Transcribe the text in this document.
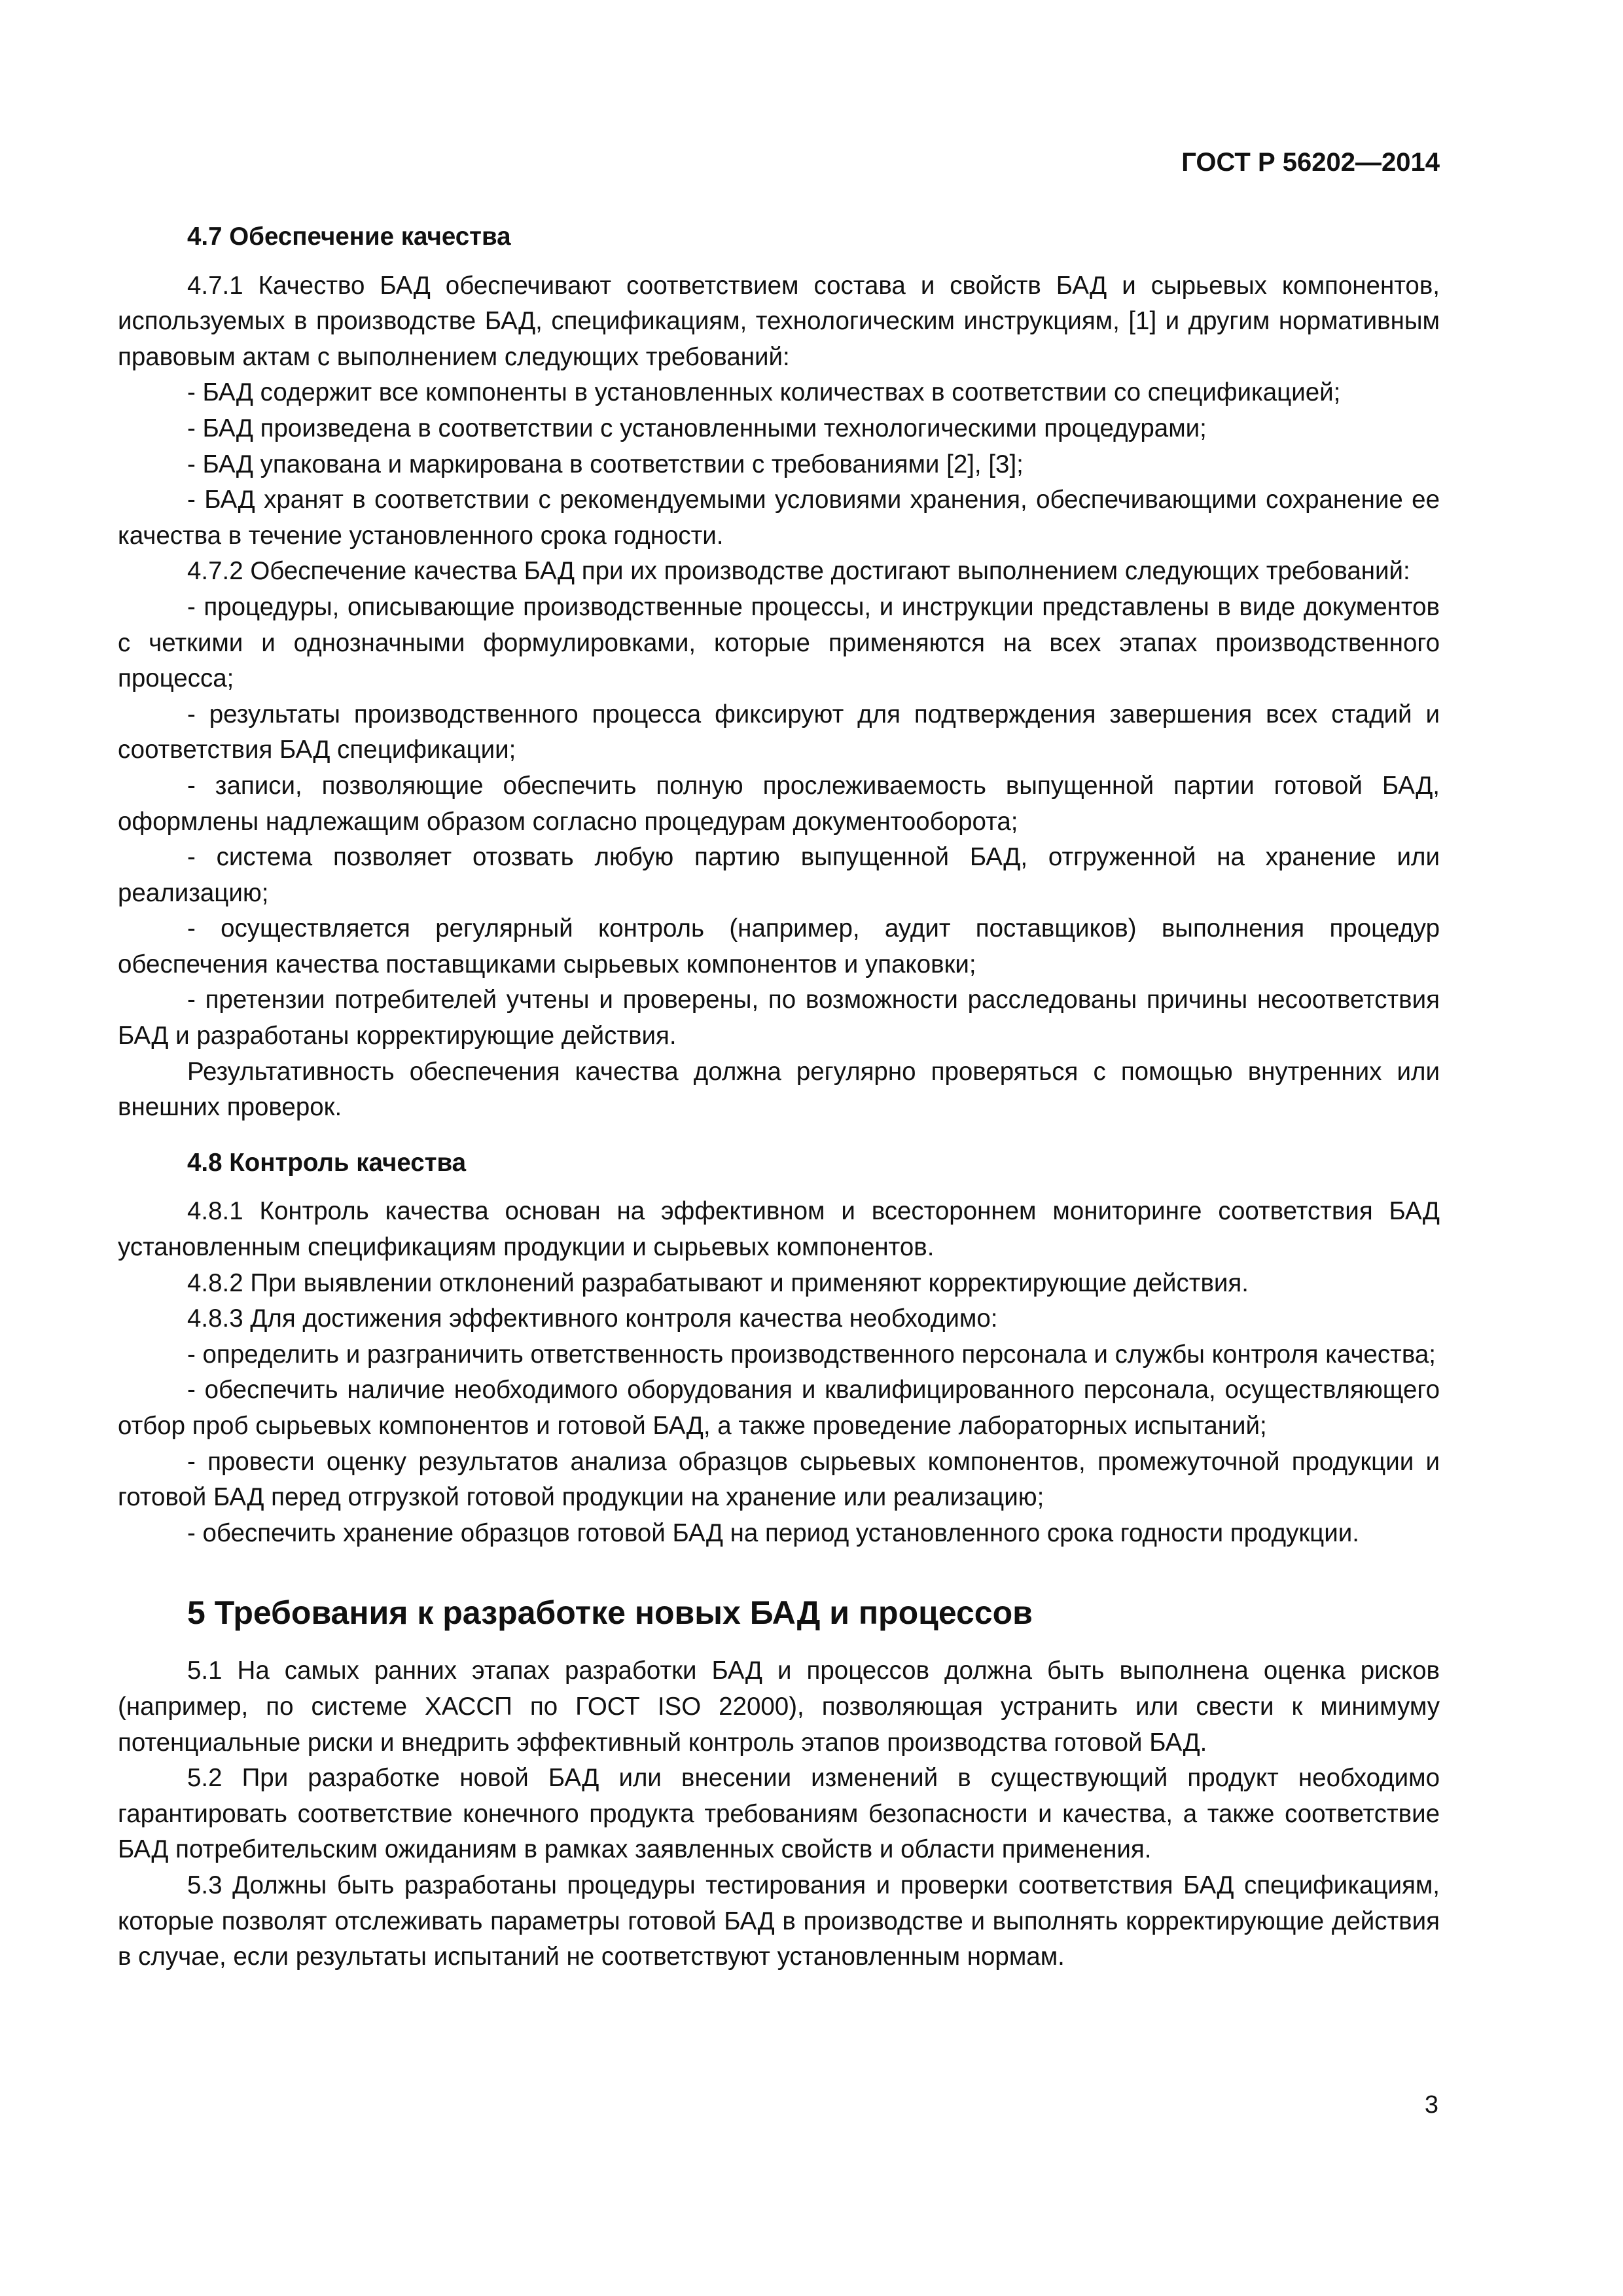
ГОСТ Р 56202—2014
4.7 Обеспечение качества

4.7.1 Качество БАД обеспечивают соответствием состава и свойств БАД и сырьевых компонентов, используемых в производстве БАД, спецификациям, технологическим инструкциям, [1] и другим нормативным правовым актам с выполнением следующих требований:

- БАД содержит все компоненты в установленных количествах в соответствии со спецификацией;

- БАД произведена в соответствии с установленными технологическими процедурами;

- БАД упакована и маркирована в соответствии с требованиями [2], [3];

- БАД хранят в соответствии с рекомендуемыми условиями хранения, обеспечивающими сохранение ее качества в течение установленного срока годности.

4.7.2 Обеспечение качества БАД при их производстве достигают выполнением следующих требований:

- процедуры, описывающие производственные процессы, и инструкции представлены в виде документов с четкими и однозначными формулировками, которые применяются на всех этапах производственного процесса;

- результаты производственного процесса фиксируют для подтверждения завершения всех стадий и соответствия БАД спецификации;

- записи, позволяющие обеспечить полную прослеживаемость выпущенной партии готовой БАД, оформлены надлежащим образом согласно процедурам документооборота;

- система позволяет отозвать любую партию выпущенной БАД, отгруженной на хранение или реализацию;

- осуществляется регулярный контроль (например, аудит поставщиков) выполнения процедур обеспечения качества поставщиками сырьевых компонентов и упаковки;

- претензии потребителей учтены и проверены, по возможности расследованы причины несоответствия БАД и разработаны корректирующие действия.

Результативность обеспечения качества должна регулярно проверяться с помощью внутренних или внешних проверок.

4.8 Контроль качества

4.8.1 Контроль качества основан на эффективном и всестороннем мониторинге соответствия БАД установленным спецификациям продукции и сырьевых компонентов.

4.8.2 При выявлении отклонений разрабатывают и применяют корректирующие действия.

4.8.3 Для достижения эффективного контроля качества необходимо:

- определить и разграничить ответственность производственного персонала и службы контроля качества;

- обеспечить наличие необходимого оборудования и квалифицированного персонала, осуществляющего отбор проб сырьевых компонентов и готовой БАД, а также проведение лабораторных испытаний;

- провести оценку результатов анализа образцов сырьевых компонентов, промежуточной продукции и готовой БАД перед отгрузкой готовой продукции на хранение или реализацию;

- обеспечить хранение образцов готовой БАД на период установленного срока годности продукции.

5 Требования к разработке новых БАД и процессов

5.1 На самых ранних этапах разработки БАД и процессов должна быть выполнена оценка рисков (например, по системе ХАССП по ГОСТ ISO 22000), позволяющая устранить или свести к минимуму потенциальные риски и внедрить эффективный контроль этапов производства готовой БАД.

5.2 При разработке новой БАД или внесении изменений в существующий продукт необходимо гарантировать соответствие конечного продукта требованиям безопасности и качества, а также соответствие БАД потребительским ожиданиям в рамках заявленных свойств и области применения.

5.3 Должны быть разработаны процедуры тестирования и проверки соответствия БАД спецификациям, которые позволят отслеживать параметры готовой БАД в производстве и выполнять корректирующие действия в случае, если результаты испытаний не соответствуют установленным нормам.

3
